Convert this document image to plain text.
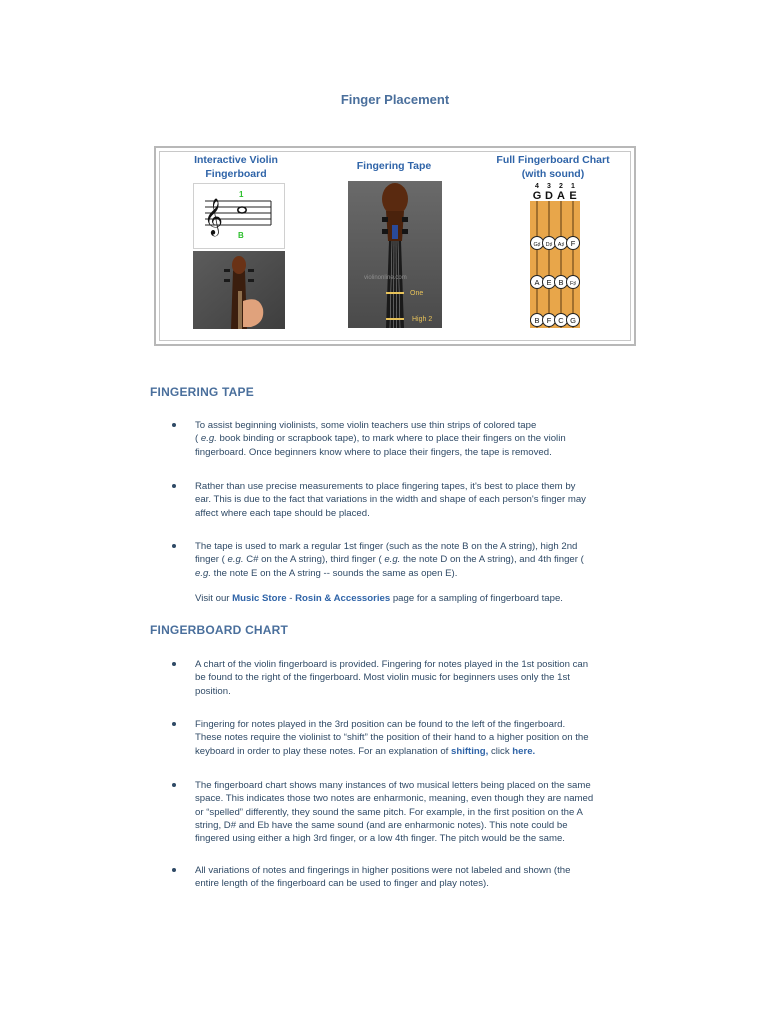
Finger Placement
Interactive Violin
Fingerboard
𝄞
1
B
Fingering Tape
violinonline.com
One
High 2
Full Fingerboard Chart
(with sound)
4 3 2 1
G D A E
G♯ D♯ A♯ F
A E B F♯
B F C G
FINGERING TAPE
To assist beginning violinists, some violin teachers use thin strips of colored tape
( e.g. book binding or scrapbook tape), to mark where to place their fingers on the violin
fingerboard. Once beginners know where to place their fingers, the tape is removed.
Rather than use precise measurements to place fingering tapes, it's best to place them by
ear. This is due to the fact that variations in the width and shape of each person's finger may
affect where each tape should be placed.
The tape is used to mark a regular 1st finger (such as the note B on the A string), high 2nd
finger ( e.g. C# on the A string), third finger ( e.g. the note D on the A string), and 4th finger (
e.g. the note E on the A string -- sounds the same as open E).
Visit our Music Store - Rosin & Accessories page for a sampling of fingerboard tape.
FINGERBOARD CHART
A chart of the violin fingerboard is provided. Fingering for notes played in the 1st position can
be found to the right of the fingerboard. Most violin music for beginners uses only the 1st
position.
Fingering for notes played in the 3rd position can be found to the left of the fingerboard.
These notes require the violinist to “shift” the position of their hand to a higher position on the
keyboard in order to play these notes. For an explanation of shifting, click here.
The fingerboard chart shows many instances of two musical letters being placed on the same
space. This indicates those two notes are enharmonic, meaning, even though they are named
or “spelled” differently, they sound the same pitch. For example, in the first position on the A
string, D# and Eb have the same sound (and are enharmonic notes). This note could be
fingered using either a high 3rd finger, or a low 4th finger. The pitch would be the same.
All variations of notes and fingerings in higher positions were not labeled and shown (the
entire length of the fingerboard can be used to finger and play notes).
